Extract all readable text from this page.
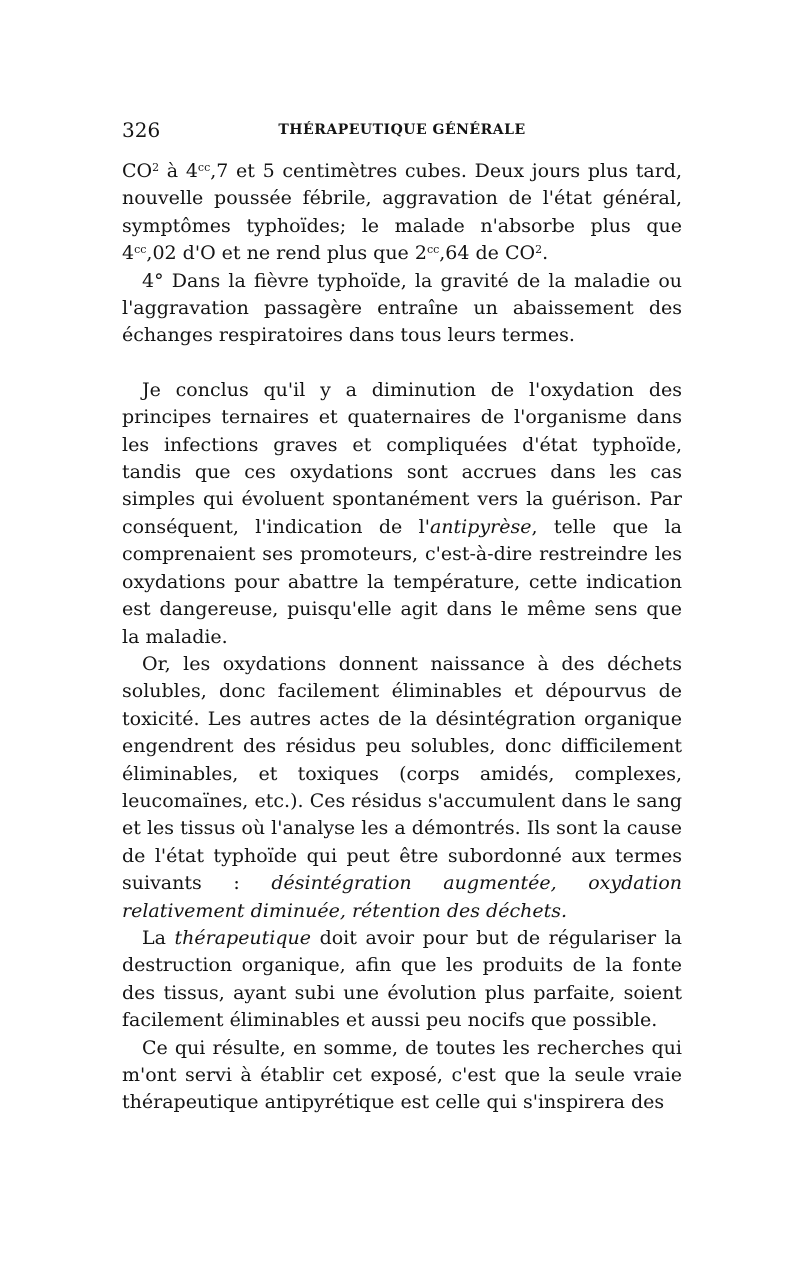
326	THÉRAPEUTIQUE GÉNÉRALE

$CO^2$ à $4^{cc},7$ et 5 centimètres cubes. Deux jours plus tard, nouvelle poussée fébrile, aggravation de l'état général, symptômes typhoïdes; le malade n'absorbe plus que $4^{cc},02$ d'O et ne rend plus que $2^{cc},64$ de $CO^2$.

4° Dans la fièvre typhoïde, la gravité de la maladie ou l'aggravation passagère entraîne un abaissement des échanges respiratoires dans tous leurs termes.

Je conclus qu'il y a diminution de l'oxydation des principes ternaires et quaternaires de l'organisme dans les infections graves et compliquées d'état typhoïde, tandis que ces oxydations sont accrues dans les cas simples qui évoluent spontanément vers la guérison. Par conséquent, l'indication de l'antipyrèse, telle que la comprenaient ses promoteurs, c'est-à-dire restreindre les oxydations pour abattre la température, cette indication est dangereuse, puisqu'elle agit dans le même sens que la maladie.

Or, les oxydations donnent naissance à des déchets solubles, donc facilement éliminables et dépourvus de toxicité. Les autres actes de la désintégration organique engendrent des résidus peu solubles, donc difficilement éliminables, et toxiques (corps amidés, complexes, leucomaïnes, etc.). Ces résidus s'accumulent dans le sang et les tissus où l'analyse les a démontrés. Ils sont la cause de l'état typhoïde qui peut être subordonné aux termes suivants : désintégration augmentée, oxydation relativement diminuée, rétention des déchets.

La thérapeutique doit avoir pour but de régulariser la destruction organique, afin que les produits de la fonte des tissus, ayant subi une évolution plus parfaite, soient facilement éliminables et aussi peu nocifs que possible.

Ce qui résulte, en somme, de toutes les recherches qui m'ont servi à établir cet exposé, c'est que la seule vraie thérapeutique antipyrétique est celle qui s'inspirera des
